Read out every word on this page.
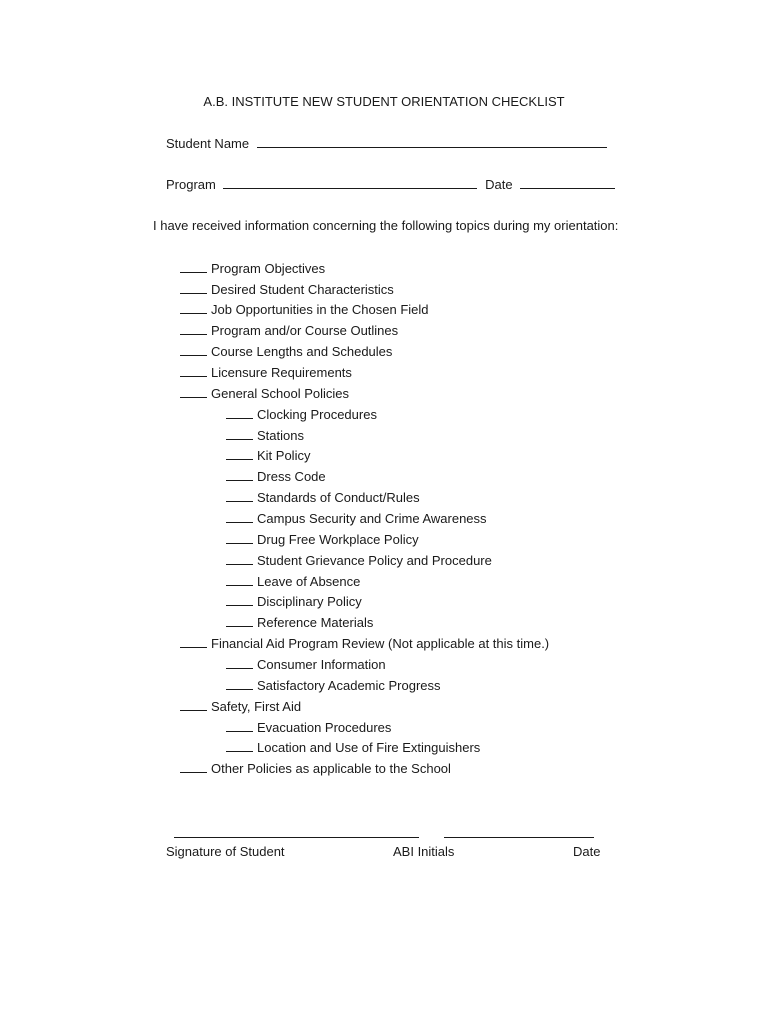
A.B. INSTITUTE NEW STUDENT ORIENTATION CHECKLIST
Student Name
Program	Date
I have received information concerning the following topics during my orientation:
Program Objectives
Desired Student Characteristics
Job Opportunities in the Chosen Field
Program and/or Course Outlines
Course Lengths and Schedules
Licensure Requirements
General School Policies
Clocking Procedures
Stations
Kit Policy
Dress Code
Standards of Conduct/Rules
Campus Security and Crime Awareness
Drug Free Workplace Policy
Student Grievance Policy and Procedure
Leave of Absence
Disciplinary Policy
Reference Materials
Financial Aid Program Review (Not applicable at this time.)
Consumer Information
Satisfactory Academic Progress
Safety, First Aid
Evacuation Procedures
Location and Use of Fire Extinguishers
Other Policies as applicable to the School
Signature of Student	ABI Initials	Date
